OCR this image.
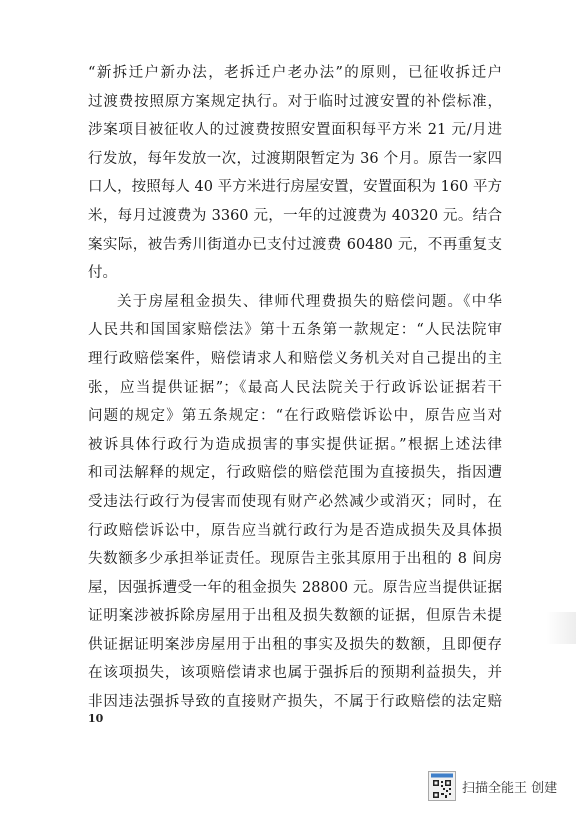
“新拆迁户新办法，老拆迁户老办法”的原则，已征收拆迁户
过渡费按照原方案规定执行。对于临时过渡安置的补偿标准，
涉案项目被征收人的过渡费按照安置面积每平方米 21 元/月进
行发放，每年发放一次，过渡期限暂定为 36 个月。原告一家四
口人，按照每人 40 平方米进行房屋安置，安置面积为 160 平方
米，每月过渡费为 3360 元，一年的过渡费为 40320 元。结合
案实际，被告秀川街道办已支付过渡费 60480 元，不再重复支
付。
关于房屋租金损失、律师代理费损失的赔偿问题。《中华
人民共和国国家赔偿法》第十五条第一款规定：“人民法院审
理行政赔偿案件，赔偿请求人和赔偿义务机关对自己提出的主
张，应当提供证据”；《最高人民法院关于行政诉讼证据若干
问题的规定》第五条规定：“在行政赔偿诉讼中，原告应当对
被诉具体行政行为造成损害的事实提供证据。”根据上述法律
和司法解释的规定，行政赔偿的赔偿范围为直接损失，指因遭
受违法行政行为侵害而使现有财产必然减少或消灭；同时，在
行政赔偿诉讼中，原告应当就行政行为是否造成损失及具体损
失数额多少承担举证责任。现原告主张其原用于出租的 8 间房
屋，因强拆遭受一年的租金损失 28800 元。原告应当提供证据
证明案涉被拆除房屋用于出租及损失数额的证据，但原告未提
供证据证明案涉房屋用于出租的事实及损失的数额，且即便存
在该项损失，该项赔偿请求也属于强拆后的预期利益损失，并
非因违法强拆导致的直接财产损失，不属于行政赔偿的法定赔
10
扫描全能王 创建
